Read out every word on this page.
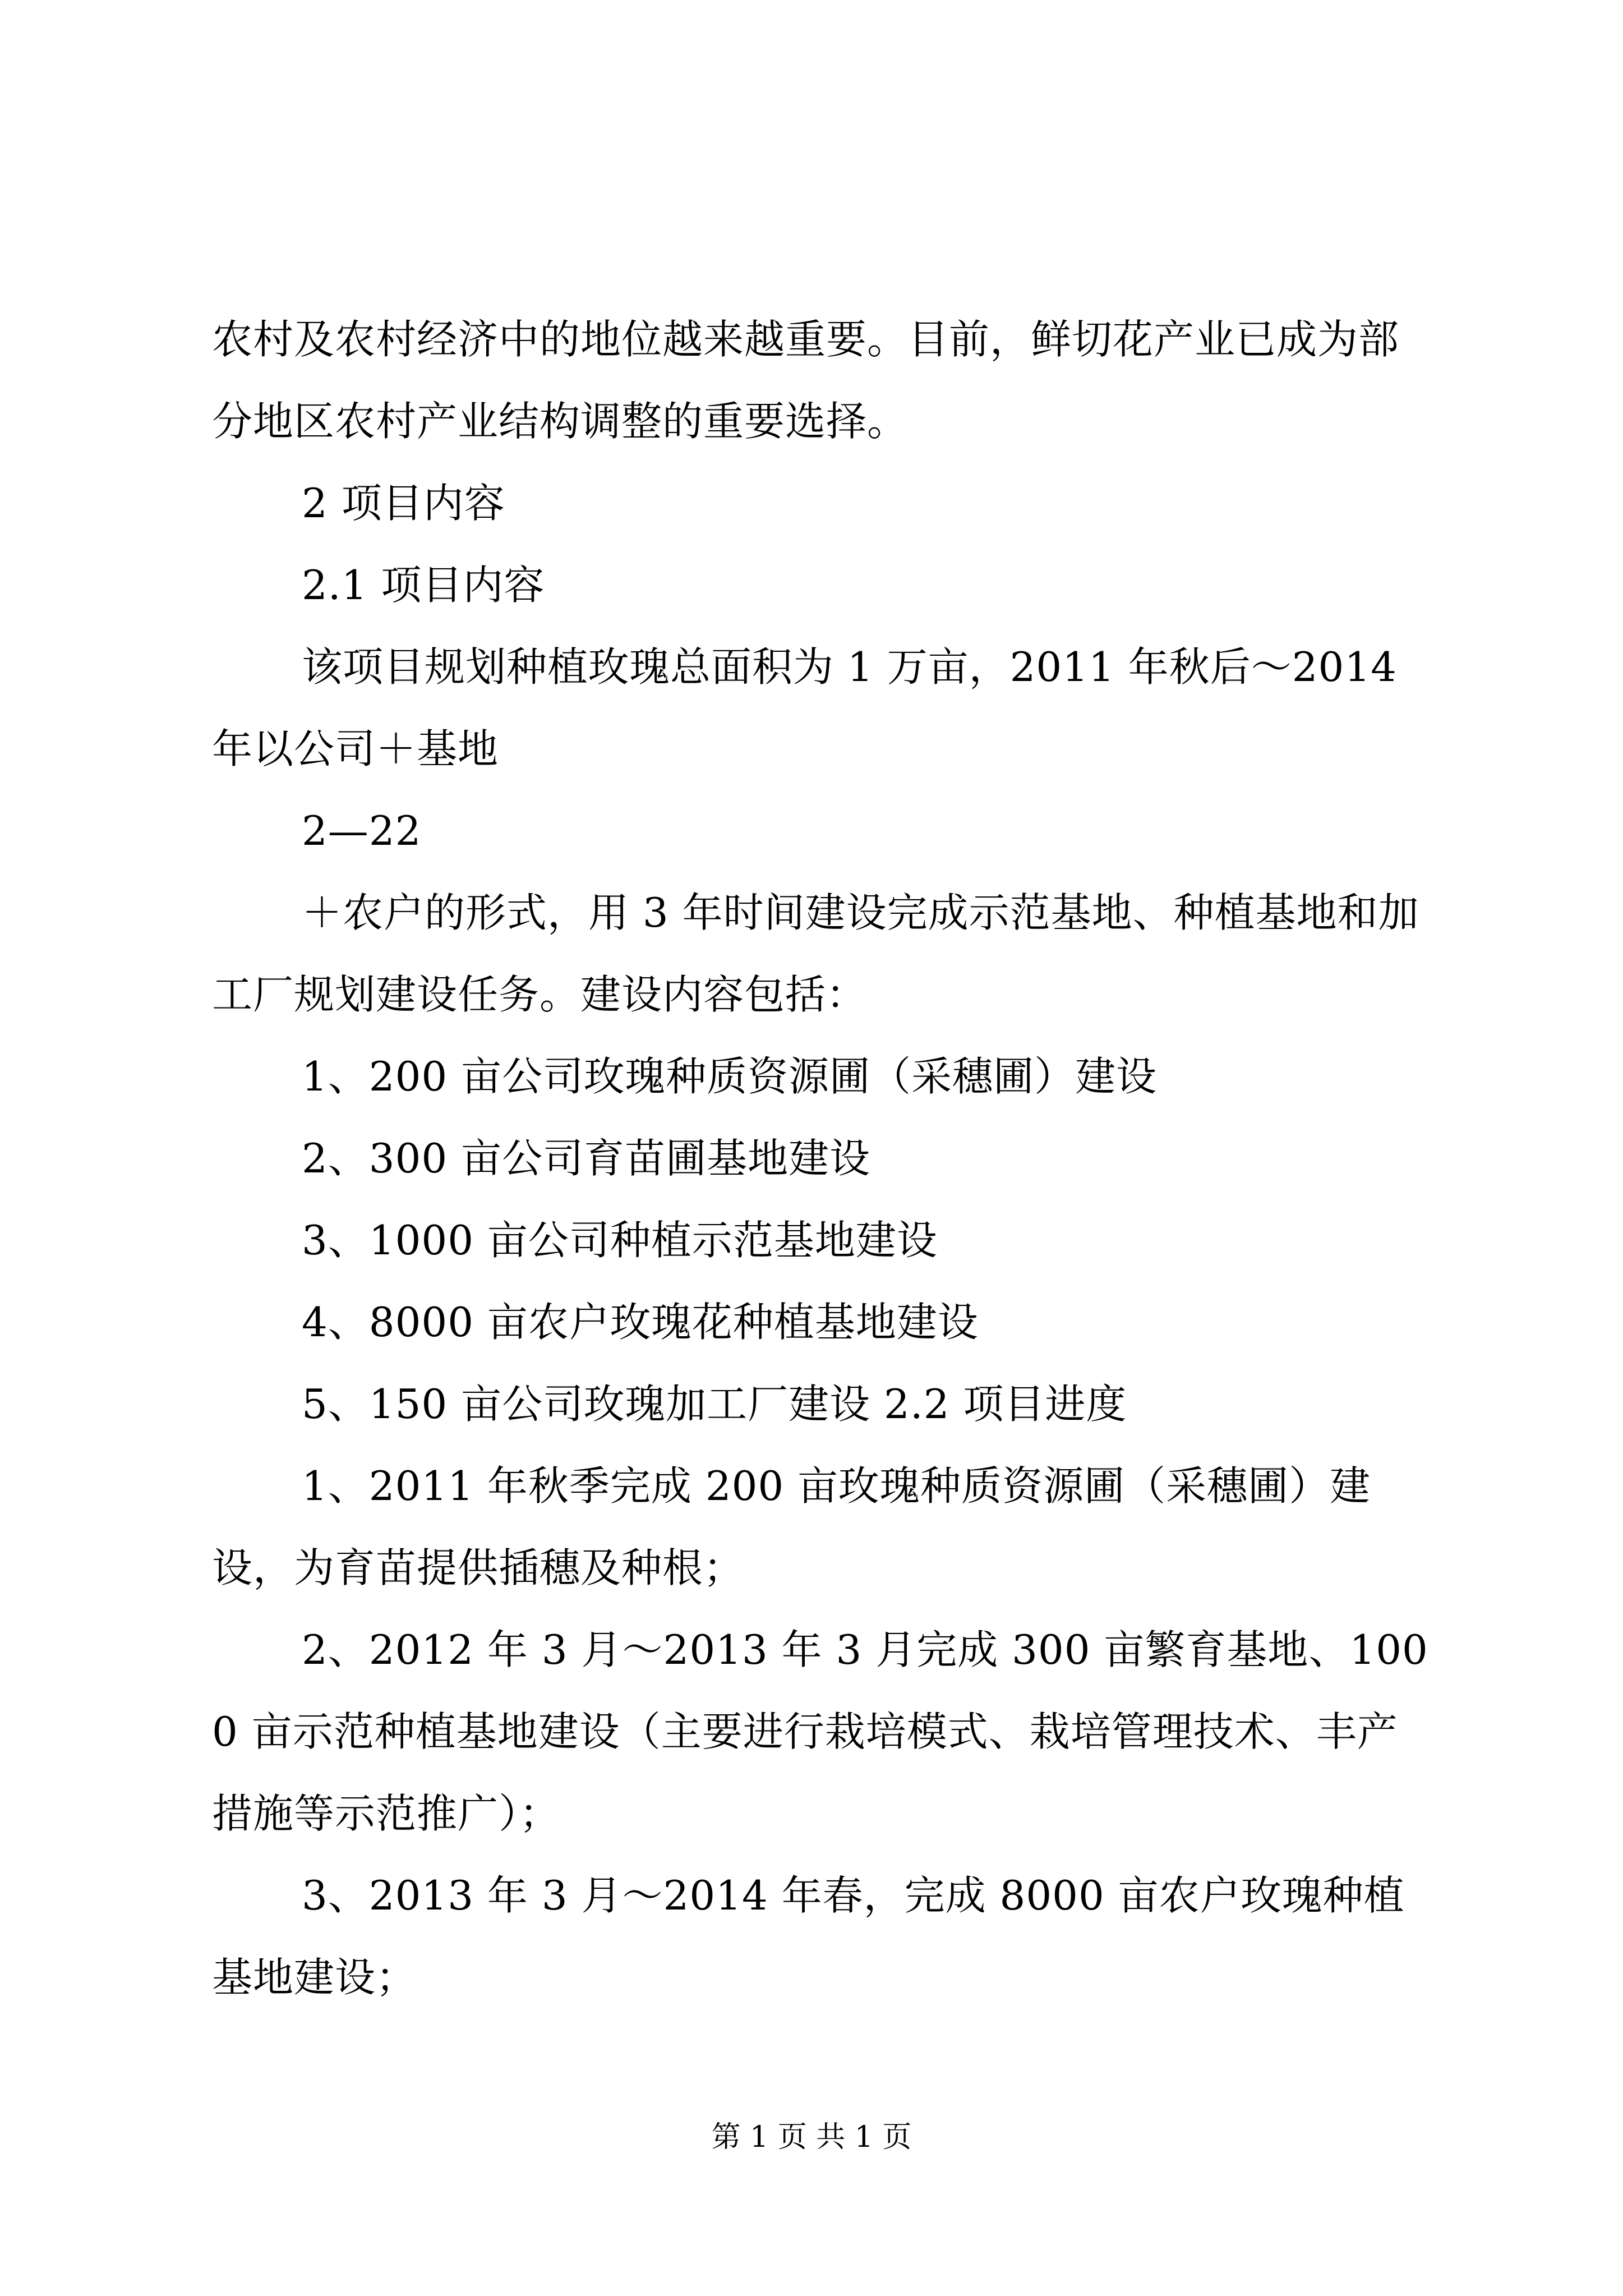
农村及农村经济中的地位越来越重要。目前，鲜切花产业已成为部分地区农村产业结构调整的重要选择。

2 项目内容

2.1 项目内容

该项目规划种植玫瑰总面积为 1 万亩，2011 年秋后～2014 年以公司＋基地

2—22

＋农户的形式，用 3 年时间建设完成示范基地、种植基地和加工厂规划建设任务。建设内容包括：

1、200 亩公司玫瑰种质资源圃（采穗圃）建设

2、300 亩公司育苗圃基地建设

3、1000 亩公司种植示范基地建设

4、8000 亩农户玫瑰花种植基地建设

5、150 亩公司玫瑰加工厂建设 2.2 项目进度

1、2011 年秋季完成 200 亩玫瑰种质资源圃（采穗圃）建设，为育苗提供插穗及种根；

2、2012 年 3 月～2013 年 3 月完成 300 亩繁育基地、1000 亩示范种植基地建设（主要进行栽培模式、栽培管理技术、丰产措施等示范推广）；

3、2013 年 3 月～2014 年春，完成 8000 亩农户玫瑰种植基地建设；

第 1 页 共 1 页
